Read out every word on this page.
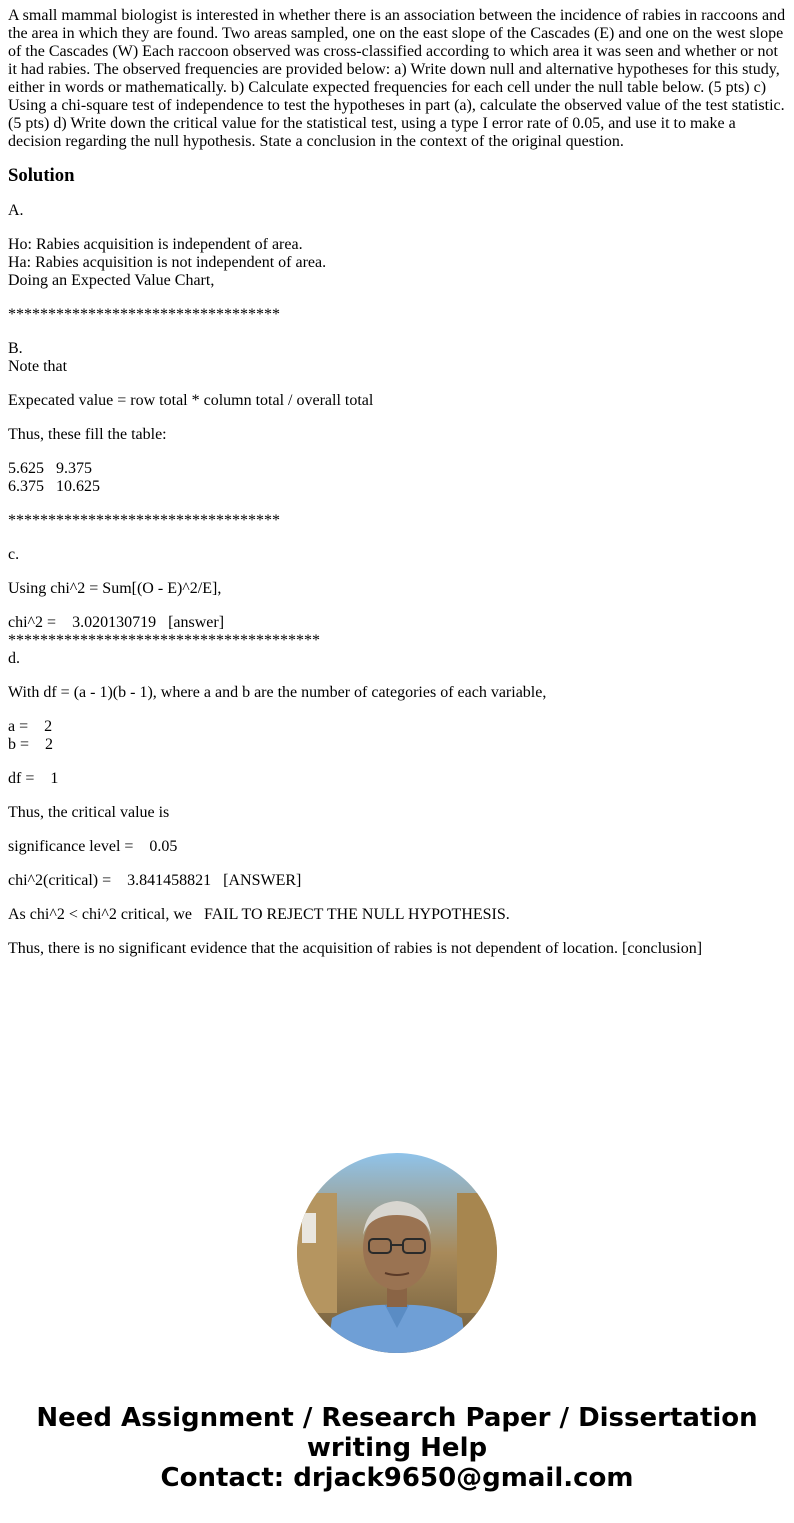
A small mammal biologist is interested in whether there is an association between the incidence of rabies in raccoons and the area in which they are found. Two areas sampled, one on the east slope of the Cascades (E) and one on the west slope of the Cascades (W) Each raccoon observed was cross-classified according to which area it was seen and whether or not it had rabies. The observed frequencies are provided below: a) Write down null and alternative hypotheses for this study, either in words or mathematically. b) Calculate expected frequencies for each cell under the null table below. (5 pts) c) Using a chi-square test of independence to test the hypotheses in part (a), calculate the observed value of the test statistic. (5 pts) d) Write down the critical value for the statistical test, using a type I error rate of 0.05, and use it to make a decision regarding the null hypothesis. State a conclusion in the context of the original question.

Solution
A.
Ho: Rabies acquisition is independent of area.
Ha: Rabies acquisition is not independent of area.
Doing an Expected Value Chart,
**********************************
B.
Note that
Expecated value = row total * column total / overall total
Thus, these fill the table:
5.625   9.375
6.375   10.625
**********************************
c.
Using chi^2 = Sum[(O - E)^2/E],
chi^2 =    3.020130719   [answer]
***************************************
d.
With df = (a - 1)(b - 1), where a and b are the number of categories of each variable,
a =    2
b =    2
df =    1
Thus, the critical value is
significance level =    0.05
chi^2(critical) =    3.841458821   [ANSWER]
As chi^2 < chi^2 critical, we   FAIL TO REJECT THE NULL HYPOTHESIS.
Thus, there is no significant evidence that the acquisition of rabies is not dependent of location. [conclusion]
Need Assignment / Research Paper / Dissertation
writing Help
Contact: drjack9650@gmail.com
